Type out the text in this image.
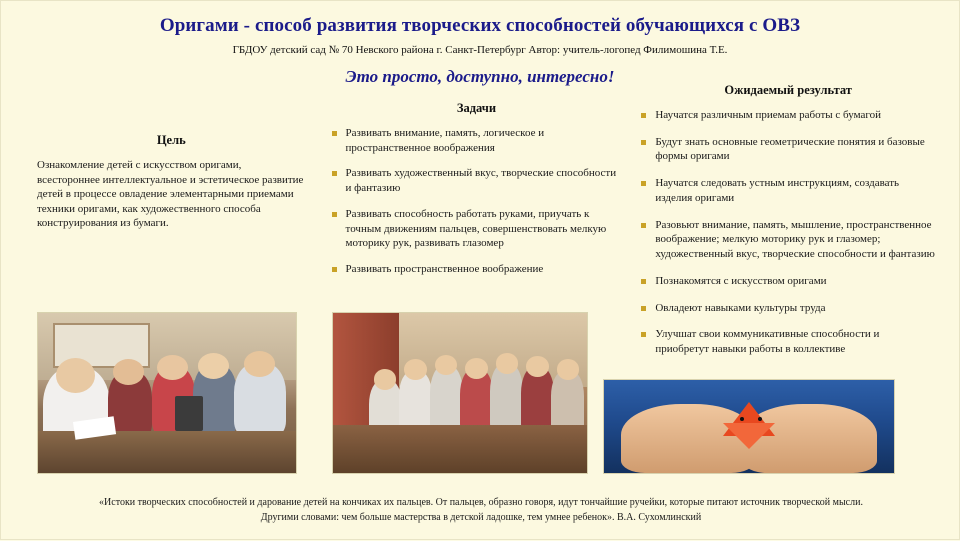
Оригами - способ развития творческих способностей обучающихся с ОВЗ
ГБДОУ детский сад № 70 Невского района г. Санкт-Петербург Автор: учитель-логопед Филимошина Т.Е.
Это просто, доступно, интересно!
Цель
Ознакомление детей с искусством оригами, всестороннее интеллектуальное и эстетическое развитие детей в процессе овладение элементарными приемами техники оригами, как художественного способа конструирования из бумаги.
Задачи
Развивать внимание, память, логическое и пространственное воображения
Развивать художественный вкус, творческие способности и фантазию
Развивать способность работать руками, приучать к точным движениям пальцев, совершенствовать мелкую моторику рук, развивать глазомер
Развивать пространственное воображение
Ожидаемый результат
Научатся различным приемам работы с бумагой
Будут знать основные геометрические понятия и базовые формы оригами
Научатся следовать устным инструкциям, создавать изделия оригами
Разовьют внимание, память, мышление, пространственное воображение; мелкую моторику рук и глазомер; художественный вкус, творческие способности и фантазию
Познакомятся с искусством оригами
Овладеют навыками культуры труда
Улучшат свои коммуникативные способности и приобретут навыки работы в коллективе
«Истоки творческих способностей и дарование детей на кончиках их пальцев. От пальцев, образно говоря, идут тончайшие ручейки, которые питают источник творческой мысли.
Другими словами: чем больше мастерства в детской ладошке, тем умнее ребенок». В.А. Сухомлинский
